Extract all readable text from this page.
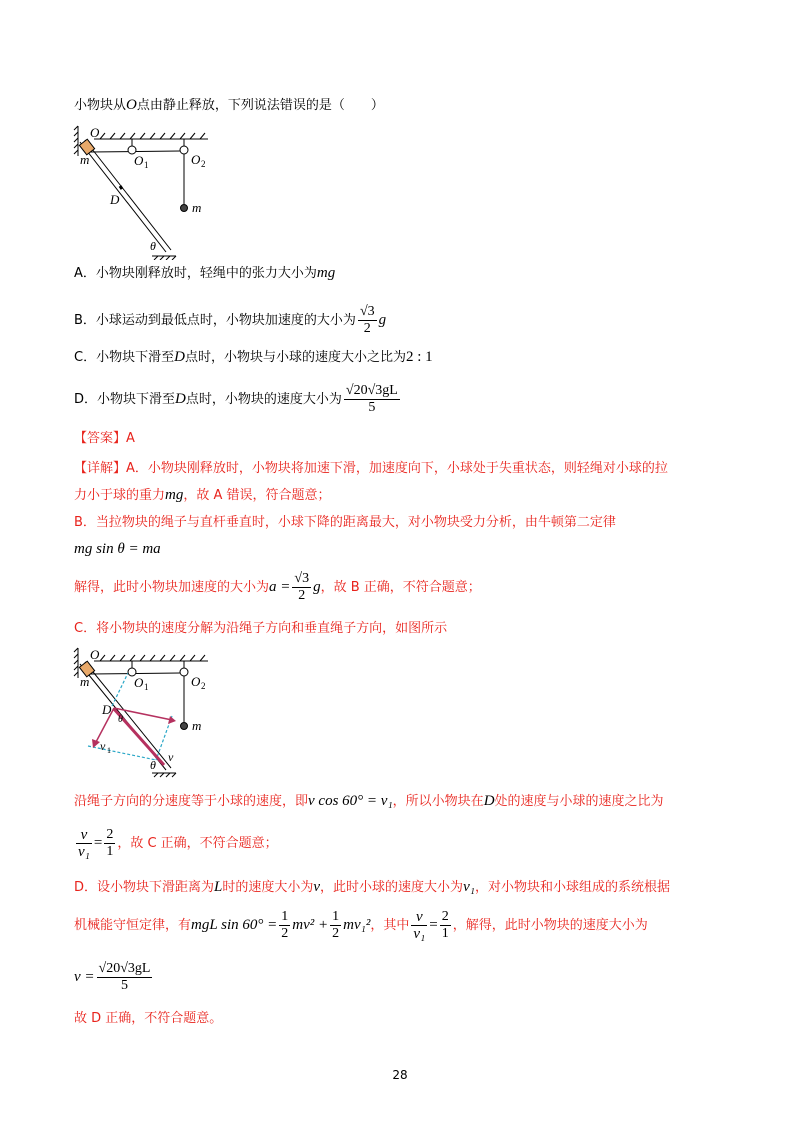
小物块从O点由静止释放，下列说法错误的是（　　）
O
m	O 1	O 2
m
D
θ
A．小物块刚释放时，轻绳中的张力大小为mg
B．小球运动到最低点时，小物块加速度的大小为 $\frac{√3}{2}$ g
C．小物块下滑至D点时，小物块与小球的速度大小之比为2 : 1
D．小物块下滑至D点时，小物块的速度大小为 $\frac{√20√3gL}{5}$
【答案】A
【详解】A．小物块刚释放时，小物块将加速下滑，加速度向下，小球处于失重状态，则轻绳对小球的拉
力小于球的重力mg，故 A 错误，符合题意；
B．当拉物块的绳子与直杆垂直时，小球下降的距离最大，对小物块受力分析，由牛顿第二定律
mg sin θ = ma
解得，此时小物块加速度的大小为$a = \frac{√3}{2}$ g，故 B 正确，不符合题意；
C．将小物块的速度分解为沿绳子方向和垂直绳子方向，如图所示
O
m	O 1	O 2
m
D
θ
v 1	v
θ
沿绳子方向的分速度等于小球的速度，即v cos 60° = v₁，所以小物块在D处的速度与小球的速度之比为
$\frac{v}{\text{v₁}} = \frac{2}{1}$ ，故 C 正确，不符合题意；
D．设小物块下滑距离为L时的速度大小为v，此时小球的速度大小为v₁，对小物块和小球组成的系统根据
机械能守恒定律，有mgL $\sin 60^\circ = \frac{1}{2} mv^2 + \frac{1}{2} mv_1^2$，其中 $\frac{v}{\text{v₁}} = \frac{2}{1}$ ，解得，此时小物块的速度大小为
$v = \frac{√20√3gL}{5}$
故 D 正确，不符合题意。
28
